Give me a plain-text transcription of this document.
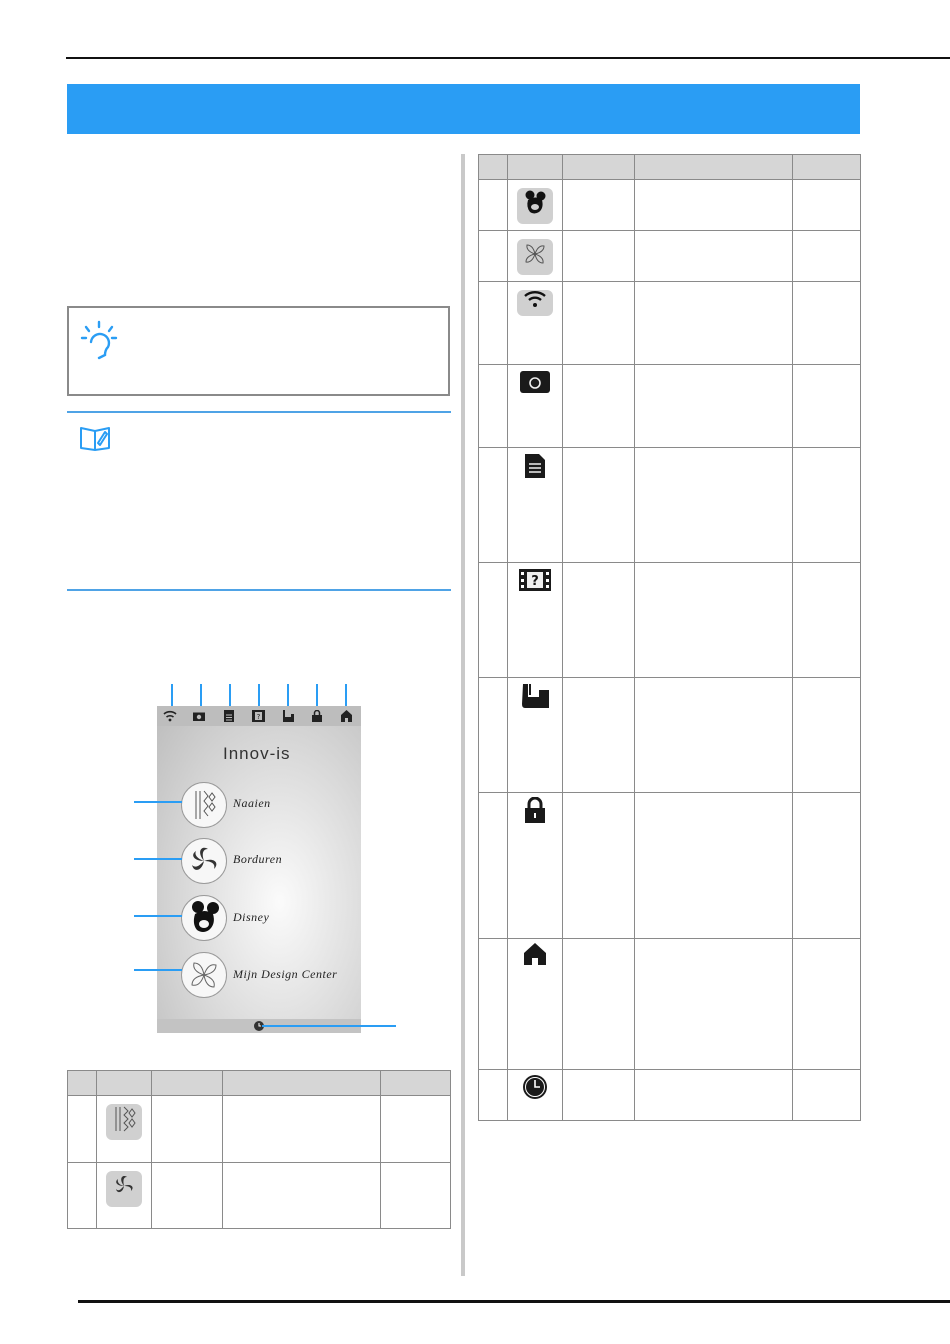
?
Innov-is
Naaien
Borduren
Disney
Mijn Design Center

?			
